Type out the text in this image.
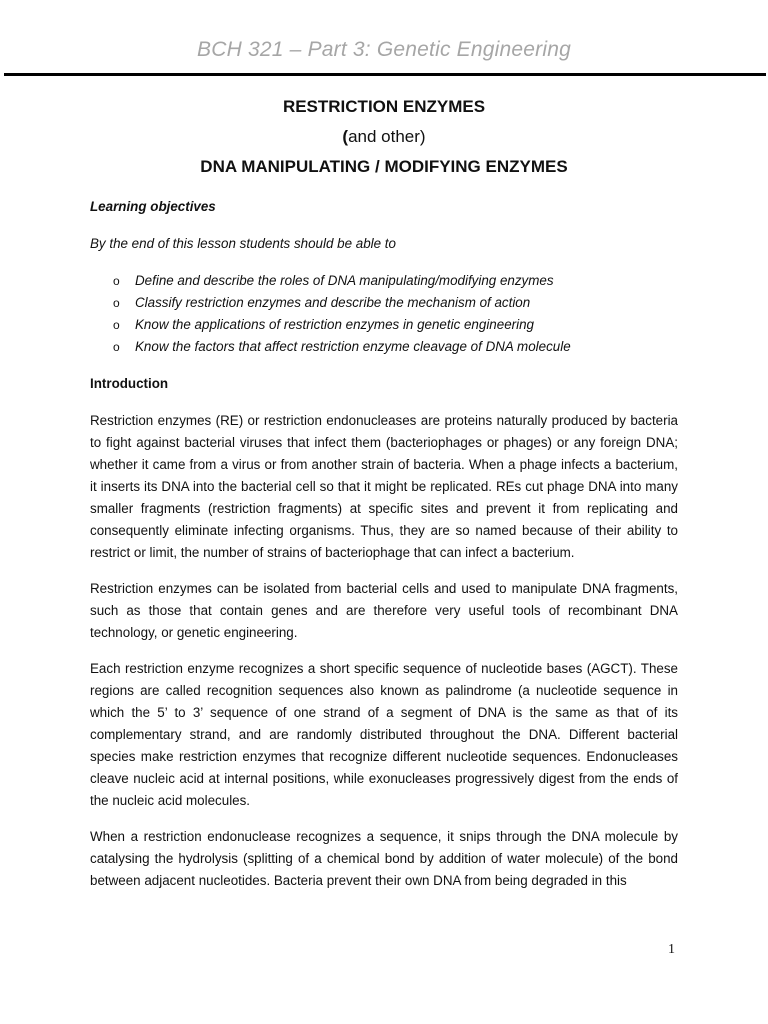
BCH 321 – Part 3: Genetic Engineering
RESTRICTION ENZYMES
(and other)
DNA MANIPULATING / MODIFYING ENZYMES

Learning objectives

By the end of this lesson students should be able to

o Define and describe the roles of DNA manipulating/modifying enzymes
o Classify restriction enzymes and describe the mechanism of action
o Know the applications of restriction enzymes in genetic engineering
o Know the factors that affect restriction enzyme cleavage of DNA molecule

Introduction

Restriction enzymes (RE) or restriction endonucleases are proteins naturally produced by bacteria to fight against bacterial viruses that infect them (bacteriophages or phages) or any foreign DNA; whether it came from a virus or from another strain of bacteria. When a phage infects a bacterium, it inserts its DNA into the bacterial cell so that it might be replicated. REs cut phage DNA into many smaller fragments (restriction fragments) at specific sites and prevent it from replicating and consequently eliminate infecting organisms. Thus, they are so named because of their ability to restrict or limit, the number of strains of bacteriophage that can infect a bacterium.

Restriction enzymes can be isolated from bacterial cells and used to manipulate DNA fragments, such as those that contain genes and are therefore very useful tools of recombinant DNA technology, or genetic engineering.

Each restriction enzyme recognizes a short specific sequence of nucleotide bases (AGCT). These regions are called recognition sequences also known as palindrome (a nucleotide sequence in which the 5’ to 3’ sequence of one strand of a segment of DNA is the same as that of its complementary strand, and are randomly distributed throughout the DNA. Different bacterial species make restriction enzymes that recognize different nucleotide sequences. Endonucleases cleave nucleic acid at internal positions, while exonucleases progressively digest from the ends of the nucleic acid molecules.

When a restriction endonuclease recognizes a sequence, it snips through the DNA molecule by catalysing the hydrolysis (splitting of a chemical bond by addition of water molecule) of the bond between adjacent nucleotides. Bacteria prevent their own DNA from being degraded in this

1
